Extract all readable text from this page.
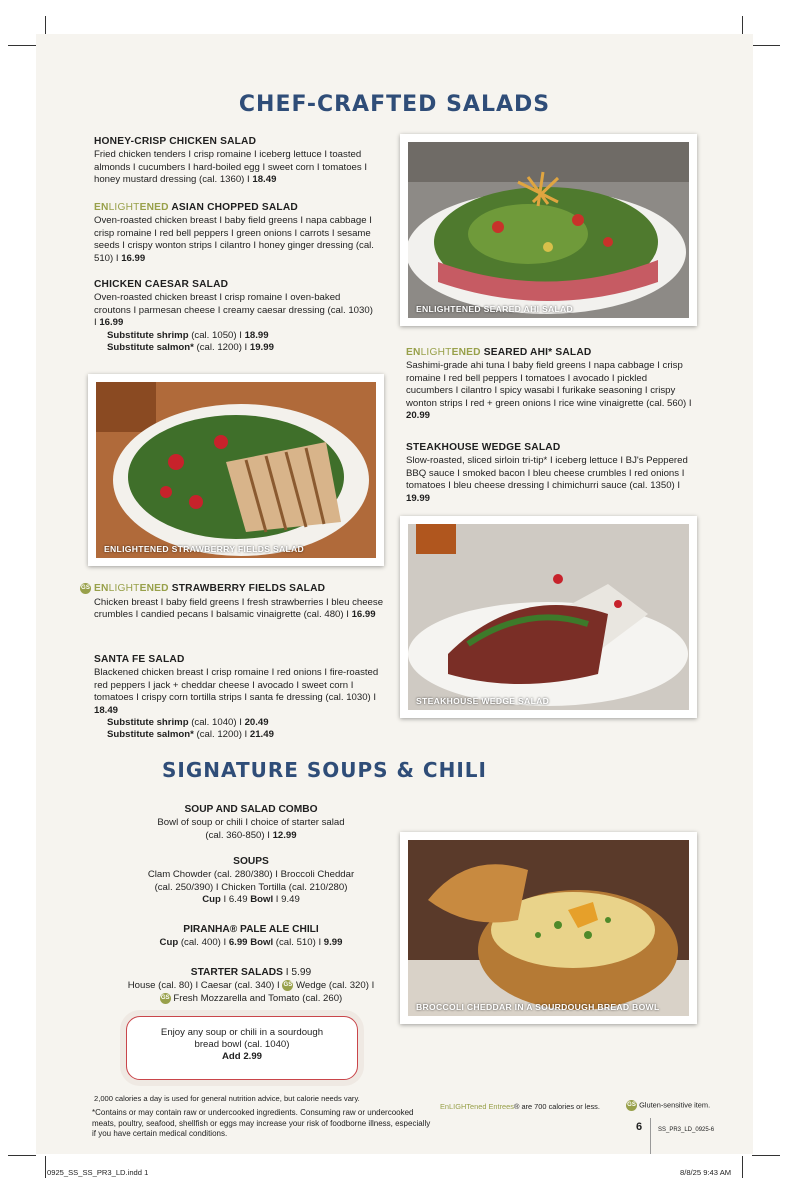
CHEF-CRAFTED SALADS
HONEY-CRISP CHICKEN SALAD
Fried chicken tenders I crisp romaine I iceberg lettuce I toasted almonds I cucumbers I hard-boiled egg I sweet corn I tomatoes I honey mustard dressing (cal. 1360) I 18.49
ENLIGHTENED ASIAN CHOPPED SALAD
Oven-roasted chicken breast I baby field greens I napa cabbage I crisp romaine I red bell peppers I green onions I carrots I sesame seeds I crispy wonton strips I cilantro I honey ginger dressing (cal. 510) I 16.99
CHICKEN CAESAR SALAD
Oven-roasted chicken breast I crisp romaine I oven-baked croutons I parmesan cheese I creamy caesar dressing (cal. 1030) I 16.99
Substitute shrimp (cal. 1050) I 18.99
Substitute salmon* (cal. 1200) I 19.99
ENLIGHTENED SEARED AHI SALAD
ENLIGHTENED SEARED AHI* SALAD
Sashimi-grade ahi tuna I baby field greens I napa cabbage I crisp romaine I red bell peppers I tomatoes I avocado I pickled cucumbers I cilantro I spicy wasabi I furikake seasoning I crispy wonton strips I red + green onions I rice wine vinaigrette (cal. 560) I 20.99
ENLIGHTENED STRAWBERRY FIELDS SALAD
STEAKHOUSE WEDGE SALAD
Slow-roasted, sliced sirloin tri-tip* I iceberg lettuce I BJ's Peppered BBQ sauce I smoked bacon I bleu cheese crumbles I red onions I tomatoes I bleu cheese dressing I chimichurri sauce (cal. 1350) I 19.99
STEAKHOUSE WEDGE SALAD
GS ENLIGHTENED STRAWBERRY FIELDS SALAD
Chicken breast I baby field greens I fresh strawberries I bleu cheese crumbles I candied pecans I balsamic vinaigrette (cal. 480) I 16.99
SANTA FE SALAD
Blackened chicken breast I crisp romaine I red onions I fire-roasted red peppers I jack + cheddar cheese I avocado I sweet corn I tomatoes I crispy corn tortilla strips I santa fe dressing (cal. 1030) I 18.49
Substitute shrimp (cal. 1040) I 20.49
Substitute salmon* (cal. 1200) I 21.49
SIGNATURE SOUPS & CHILI
SOUP AND SALAD COMBO
Bowl of soup or chili I choice of starter salad
(cal. 360-850) I 12.99
SOUPS
Clam Chowder (cal. 280/380) I Broccoli Cheddar
(cal. 250/390) I Chicken Tortilla (cal. 210/280)
Cup I 6.49 Bowl I 9.49
PIRANHA® PALE ALE CHILI
Cup (cal. 400) I 6.99 Bowl (cal. 510) I 9.99
STARTER SALADS I 5.99
House (cal. 80) I Caesar (cal. 340) I GS Wedge (cal. 320) I
GS Fresh Mozzarella and Tomato (cal. 260)
Enjoy any soup or chili in a sourdough
bread bowl (cal. 1040)
Add 2.99
BROCCOLI CHEDDAR IN A SOURDOUGH BREAD BOWL
2,000 calories a day is used for general nutrition advice, but calorie needs vary.
*Contains or may contain raw or undercooked ingredients. Consuming raw or undercooked meats, poultry, seafood, shellfish or eggs may increase your risk of foodborne illness, especially if you have certain medical conditions.
EnLIGHTened Entrees® are 700 calories or less.	GS Gluten-sensitive item.
6	SS_PR3_LD_0925-6
0925_SS_SS_PR3_LD.indd 1	8/8/25 9:43 AM
